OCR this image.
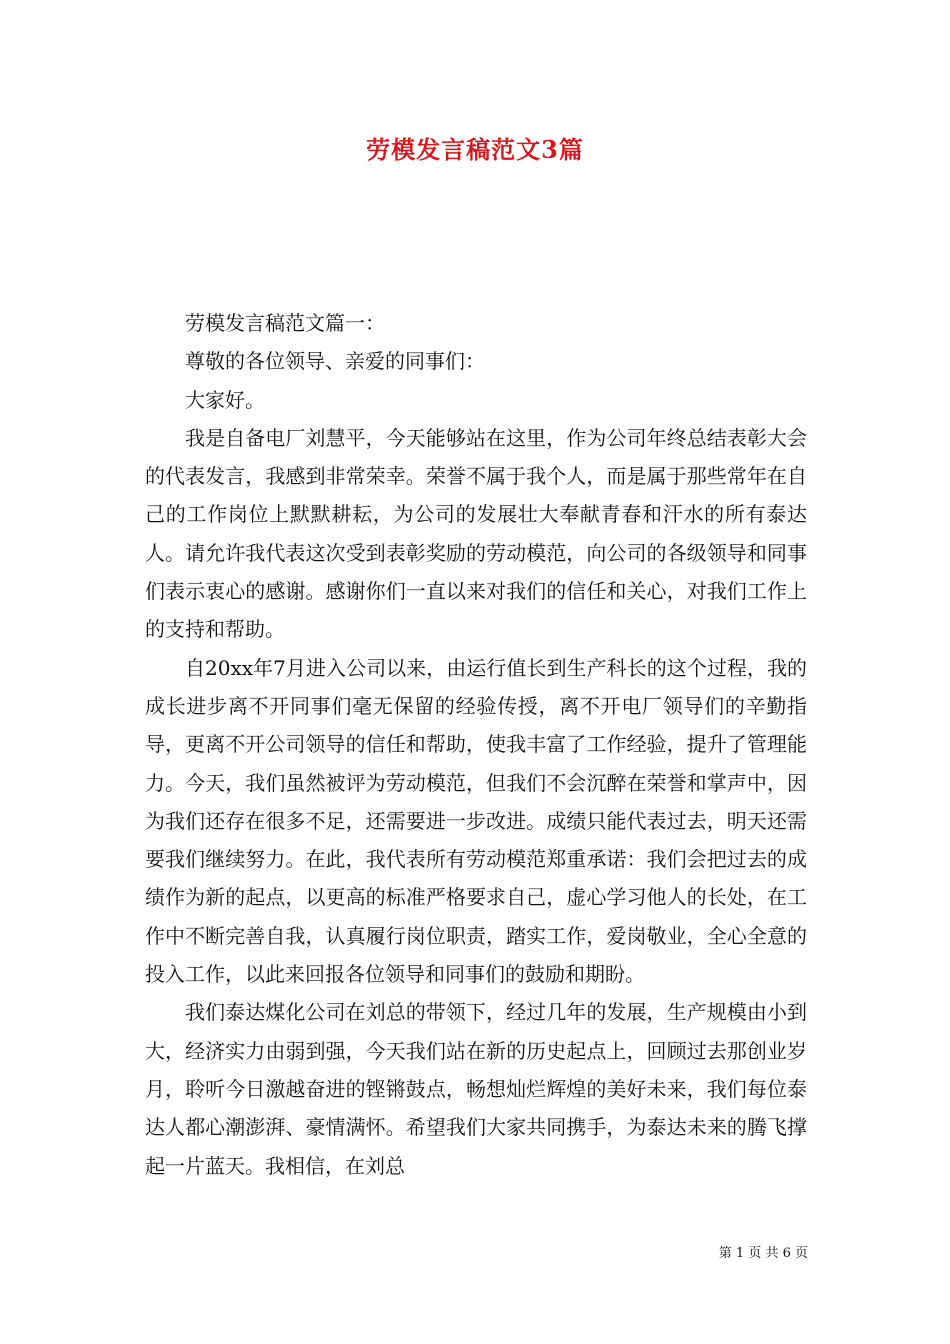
劳模发言稿范文3篇

劳模发言稿范文篇一：

尊敬的各位领导、亲爱的同事们：

大家好。

我是自备电厂刘慧平，今天能够站在这里，作为公司年终总结表彰大会的代表发言，我感到非常荣幸。荣誉不属于我个人，而是属于那些常年在自己的工作岗位上默默耕耘，为公司的发展壮大奉献青春和汗水的所有泰达人。请允许我代表这次受到表彰奖励的劳动模范，向公司的各级领导和同事们表示衷心的感谢。感谢你们一直以来对我们的信任和关心，对我们工作上的支持和帮助。

自20xx年7月进入公司以来，由运行值长到生产科长的这个过程，我的成长进步离不开同事们毫无保留的经验传授，离不开电厂领导们的辛勤指导，更离不开公司领导的信任和帮助，使我丰富了工作经验，提升了管理能力。今天，我们虽然被评为劳动模范，但我们不会沉醉在荣誉和掌声中，因为我们还存在很多不足，还需要进一步改进。成绩只能代表过去，明天还需要我们继续努力。在此，我代表所有劳动模范郑重承诺：我们会把过去的成绩作为新的起点，以更高的标准严格要求自己，虚心学习他人的长处，在工作中不断完善自我，认真履行岗位职责，踏实工作，爱岗敬业，全心全意的投入工作，以此来回报各位领导和同事们的鼓励和期盼。

我们泰达煤化公司在刘总的带领下，经过几年的发展，生产规模由小到大，经济实力由弱到强，今天我们站在新的历史起点上，回顾过去那创业岁月，聆听今日激越奋进的铿锵鼓点，畅想灿烂辉煌的美好未来，我们每位泰达人都心潮澎湃、豪情满怀。希望我们大家共同携手，为泰达未来的腾飞撑起一片蓝天。我相信，在刘总

第 1 页 共 6 页
